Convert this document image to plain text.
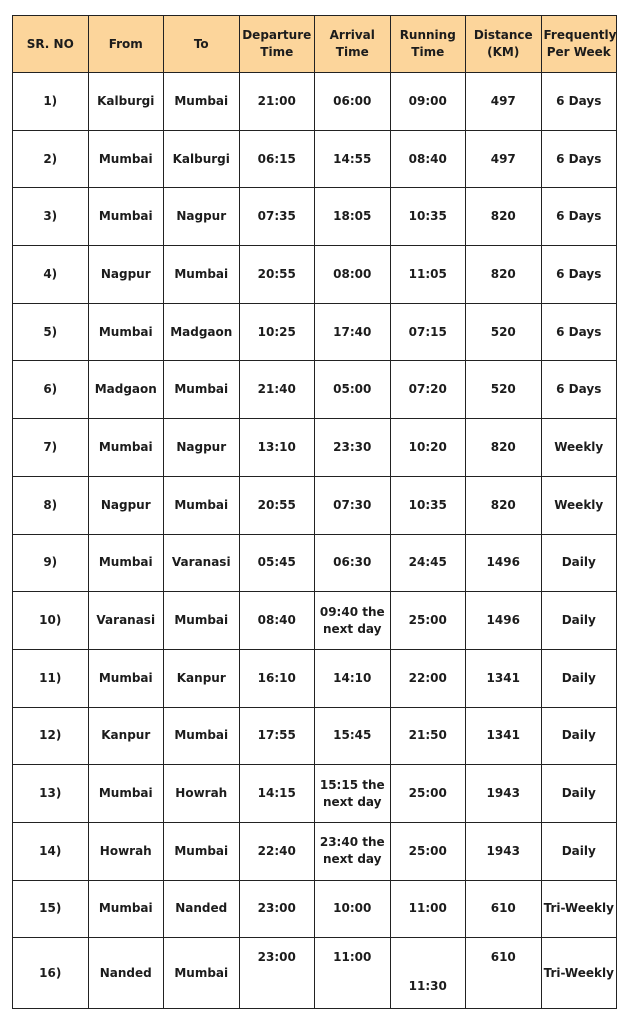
SR. NO	From	To	Departure Time	Arrival Time	Running Time	Distance (KM)	Frequently Per Week
1)	Kalburgi	Mumbai	21:00	06:00	09:00	497	6 Days
2)	Mumbai	Kalburgi	06:15	14:55	08:40	497	6 Days
3)	Mumbai	Nagpur	07:35	18:05	10:35	820	6 Days
4)	Nagpur	Mumbai	20:55	08:00	11:05	820	6 Days
5)	Mumbai	Madgaon	10:25	17:40	07:15	520	6 Days
6)	Madgaon	Mumbai	21:40	05:00	07:20	520	6 Days
7)	Mumbai	Nagpur	13:10	23:30	10:20	820	Weekly
8)	Nagpur	Mumbai	20:55	07:30	10:35	820	Weekly
9)	Mumbai	Varanasi	05:45	06:30	24:45	1496	Daily
10)	Varanasi	Mumbai	08:40	09:40 the next day	25:00	1496	Daily
11)	Mumbai	Kanpur	16:10	14:10	22:00	1341	Daily
12)	Kanpur	Mumbai	17:55	15:45	21:50	1341	Daily
13)	Mumbai	Howrah	14:15	15:15 the next day	25:00	1943	Daily
14)	Howrah	Mumbai	22:40	23:40 the next day	25:00	1943	Daily
15)	Mumbai	Nanded	23:00	10:00	11:00	610	Tri-Weekly
16)	Nanded	Mumbai	23:00	11:00	11:30	610	Tri-Weekly
